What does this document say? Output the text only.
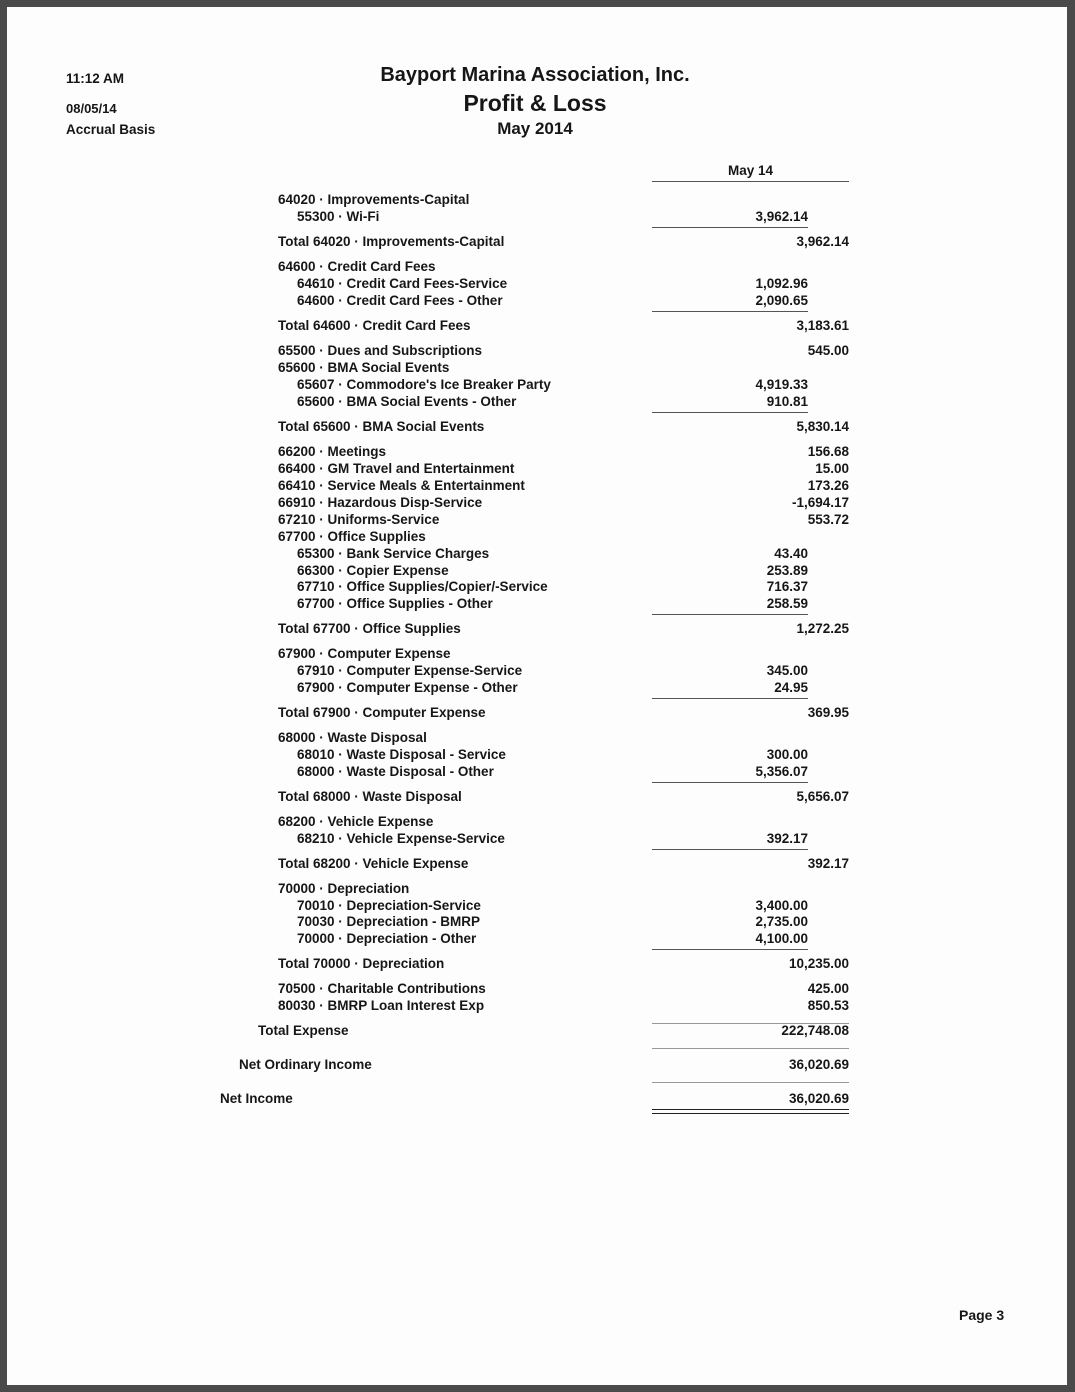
11:12 AM
08/05/14
Accrual Basis
Bayport Marina Association, Inc.
Profit & Loss
May 2014
May 14
64020 · Improvements-Capital
55300 · Wi-Fi	3,962.14
Total 64020 · Improvements-Capital	3,962.14
64600 · Credit Card Fees
64610 · Credit Card Fees-Service	1,092.96
64600 · Credit Card Fees - Other	2,090.65
Total 64600 · Credit Card Fees	3,183.61
65500 · Dues and Subscriptions	545.00
65600 · BMA Social Events
65607 · Commodore's Ice Breaker Party	4,919.33
65600 · BMA Social Events - Other	910.81
Total 65600 · BMA Social Events	5,830.14
66200 · Meetings	156.68
66400 · GM Travel and Entertainment	15.00
66410 · Service Meals & Entertainment	173.26
66910 · Hazardous Disp-Service	-1,694.17
67210 · Uniforms-Service	553.72
67700 · Office Supplies
65300 · Bank Service Charges	43.40
66300 · Copier Expense	253.89
67710 · Office Supplies/Copier/-Service	716.37
67700 · Office Supplies - Other	258.59
Total 67700 · Office Supplies	1,272.25
67900 · Computer Expense
67910 · Computer Expense-Service	345.00
67900 · Computer Expense - Other	24.95
Total 67900 · Computer Expense	369.95
68000 · Waste Disposal
68010 · Waste Disposal - Service	300.00
68000 · Waste Disposal - Other	5,356.07
Total 68000 · Waste Disposal	5,656.07
68200 · Vehicle Expense
68210 · Vehicle Expense-Service	392.17
Total 68200 · Vehicle Expense	392.17
70000 · Depreciation
70010 · Depreciation-Service	3,400.00
70030 · Depreciation - BMRP	2,735.00
70000 · Depreciation - Other	4,100.00
Total 70000 · Depreciation	10,235.00
70500 · Charitable Contributions	425.00
80030 · BMRP Loan Interest Exp	850.53
Total Expense	222,748.08
Net Ordinary Income	36,020.69
Net Income	36,020.69
Page 3
